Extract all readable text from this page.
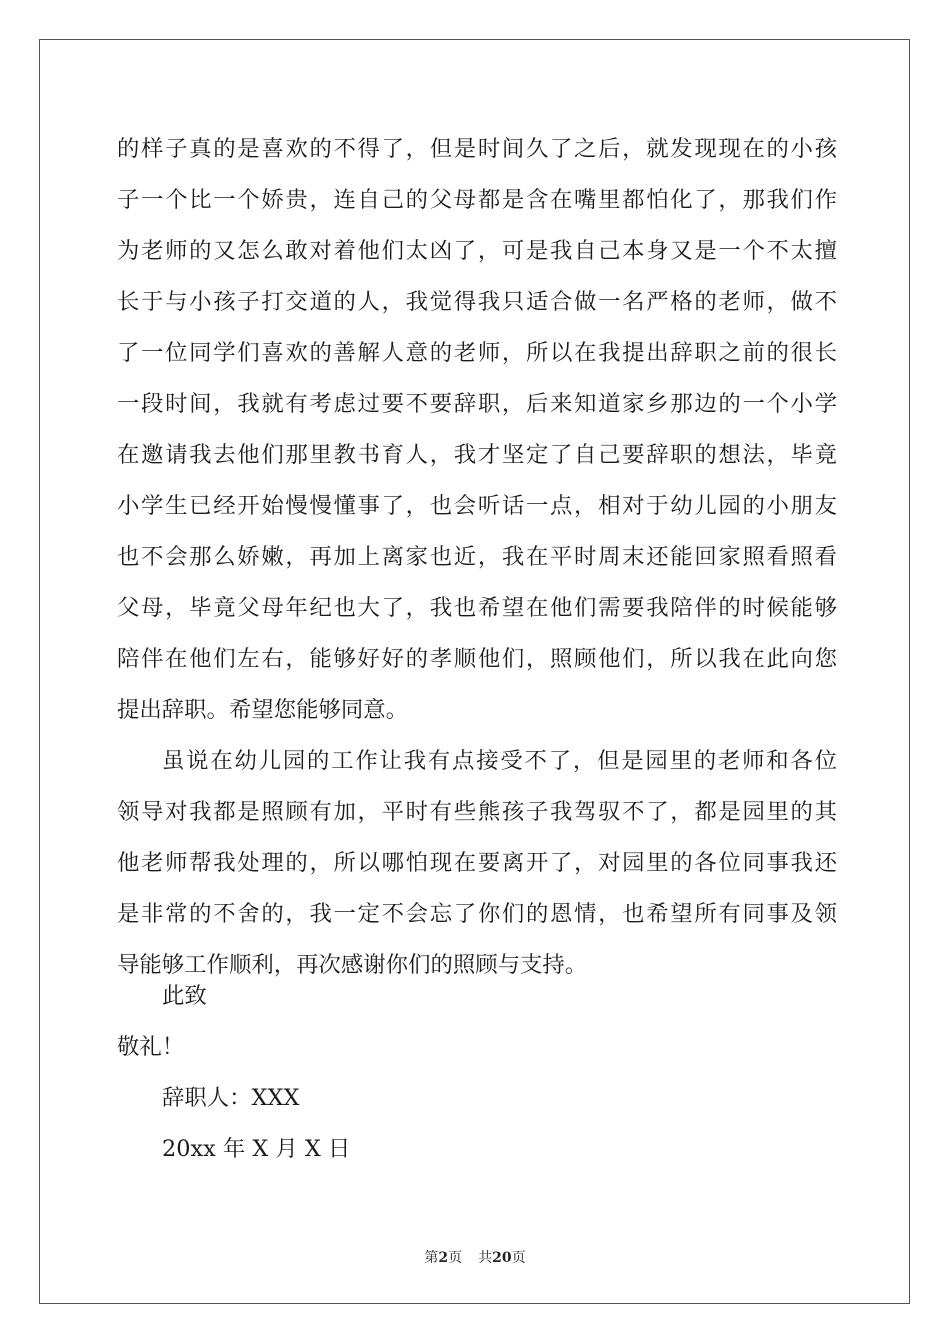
的样子真的是喜欢的不得了，但是时间久了之后，就发现现在的小孩
子一个比一个娇贵，连自己的父母都是含在嘴里都怕化了，那我们作
为老师的又怎么敢对着他们太凶了，可是我自己本身又是一个不太擅
长于与小孩子打交道的人，我觉得我只适合做一名严格的老师，做不
了一位同学们喜欢的善解人意的老师，所以在我提出辞职之前的很长
一段时间，我就有考虑过要不要辞职，后来知道家乡那边的一个小学
在邀请我去他们那里教书育人，我才坚定了自己要辞职的想法，毕竟
小学生已经开始慢慢懂事了，也会听话一点，相对于幼儿园的小朋友
也不会那么娇嫩，再加上离家也近，我在平时周末还能回家照看照看
父母，毕竟父母年纪也大了，我也希望在他们需要我陪伴的时候能够
陪伴在他们左右，能够好好的孝顺他们，照顾他们，所以我在此向您
提出辞职。希望您能够同意。
虽说在幼儿园的工作让我有点接受不了，但是园里的老师和各位
领导对我都是照顾有加，平时有些熊孩子我驾驭不了，都是园里的其
他老师帮我处理的，所以哪怕现在要离开了，对园里的各位同事我还
是非常的不舍的，我一定不会忘了你们的恩情，也希望所有同事及领
导能够工作顺利，再次感谢你们的照顾与支持。
此致
敬礼！
辞职人：XXX
20xx 年 X 月 X 日
第2页 共20页
